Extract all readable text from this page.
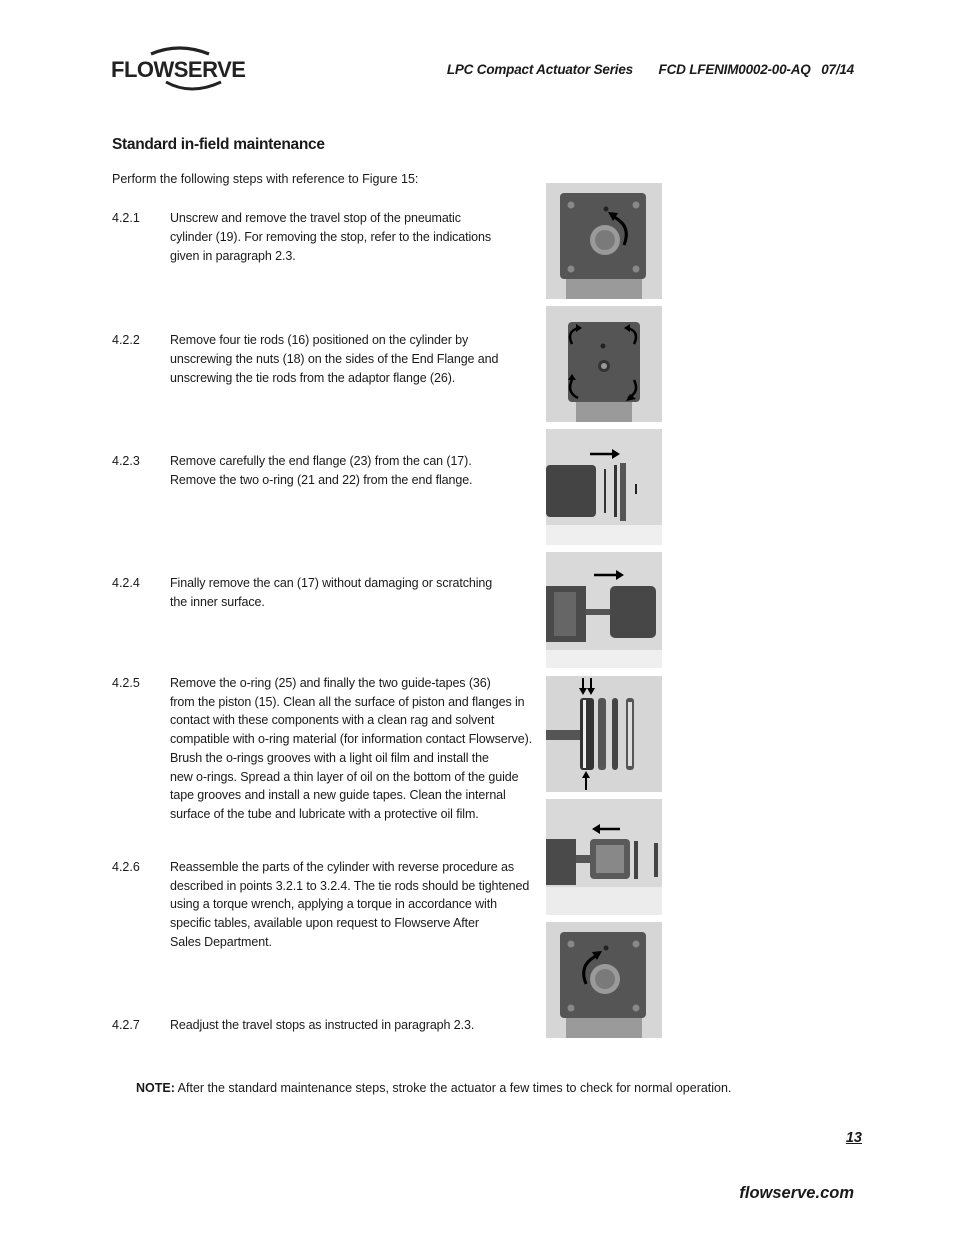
FLOWSERVE	LPC Compact Actuator Series FCD LFENIM0002-00-AQ   07/14
Standard in-field maintenance
Perform the following steps with reference to Figure 15:
4.2.1 Unscrew and remove the travel stop of the pneumatic
cylinder (19). For removing the stop, refer to the indications
given in paragraph 2.3.
4.2.2 Remove four tie rods (16) positioned on the cylinder by
unscrewing the nuts (18) on the sides of the End Flange and
unscrewing the tie rods from the adaptor flange (26).
4.2.3 Remove carefully the end flange (23) from the can (17).
Remove the two o-ring (21 and 22) from the end flange.
4.2.4 Finally remove the can (17) without damaging or scratching
the inner surface.
4.2.5 Remove the o-ring (25) and finally the two guide-tapes (36)
from the piston (15). Clean all the surface of piston and flanges in
contact with these components with a clean rag and solvent
compatible with o-ring material (for information contact Flowserve).
Brush the o-rings grooves with a light oil film and install the
new o-rings. Spread a thin layer of oil on the bottom of the guide
tape grooves and install a new guide tapes. Clean the internal
surface of the tube and lubricate with a protective oil film.
4.2.6 Reassemble the parts of the cylinder with reverse procedure as
described in points 3.2.1 to 3.2.4. The tie rods should be tightened
using a torque wrench, applying a torque in accordance with
specific tables, available upon request to Flowserve After
Sales Department.
4.2.7 Readjust the travel stops as instructed in paragraph 2.3.
NOTE: After the standard maintenance steps, stroke the actuator a few times to check for normal operation.
13
flowserve.com
